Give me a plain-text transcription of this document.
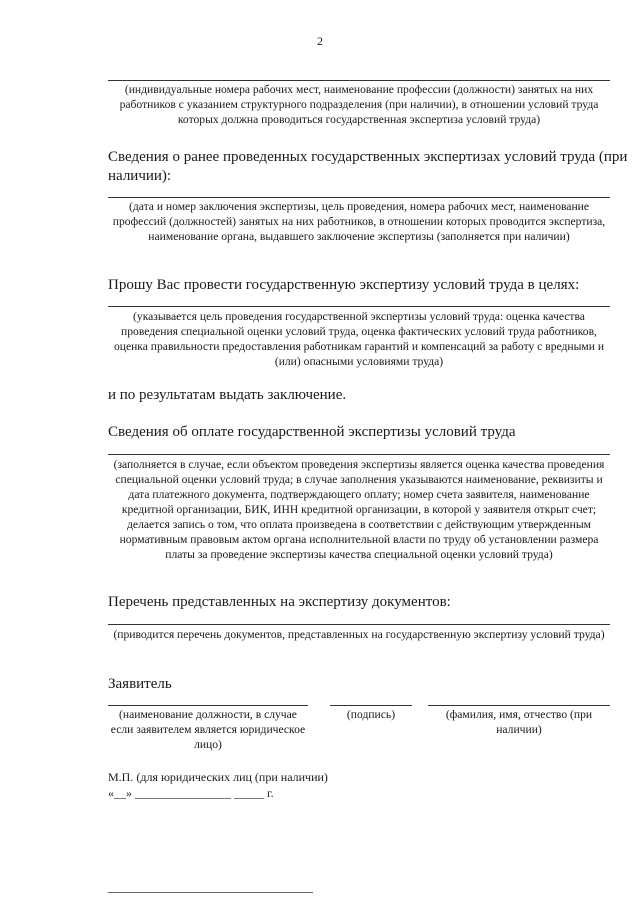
2
(индивидуальные номера рабочих мест, наименование профессии (должности) занятых на них работников с указанием структурного подразделения (при наличии), в отношении условий труда которых должна проводиться государственная экспертиза условий труда)
Сведения о ранее проведенных государственных экспертизах условий труда (при наличии):
(дата и номер заключения экспертизы, цель проведения, номера рабочих мест, наименование профессий (должностей) занятых на них работников, в отношении которых проводится экспертиза, наименование органа, выдавшего заключение экспертизы (заполняется при наличии)
Прошу Вас провести государственную экспертизу условий труда в целях:
(указывается цель проведения государственной экспертизы условий труда: оценка качества проведения специальной оценки условий труда, оценка фактических условий труда работников, оценка правильности предоставления работникам гарантий и компенсаций за работу с вредными и (или) опасными условиями труда)
и по результатам выдать заключение.
Сведения об оплате государственной экспертизы условий труда
(заполняется в случае, если объектом проведения экспертизы является оценка качества проведения специальной оценки условий труда; в случае заполнения указываются наименование, реквизиты и дата платежного документа, подтверждающего оплату; номер счета заявителя, наименование кредитной организации, БИК, ИНН кредитной организации, в которой у заявителя открыт счет; делается запись о том, что оплата произведена в соответствии с действующим утвержденным нормативным правовым актом органа исполнительной власти по труду об установлении размера платы за проведение экспертизы качества специальной оценки условий труда)
Перечень представленных на экспертизу документов:
(приводится перечень документов, представленных на государственную экспертизу условий труда)
Заявитель
(наименование должности, в случае если заявителем является юридическое лицо)
(подпись)	(фамилия, имя, отчество (при наличии)
М.П. (для юридических лиц (при наличии)
«__» ________________ _____ г.
